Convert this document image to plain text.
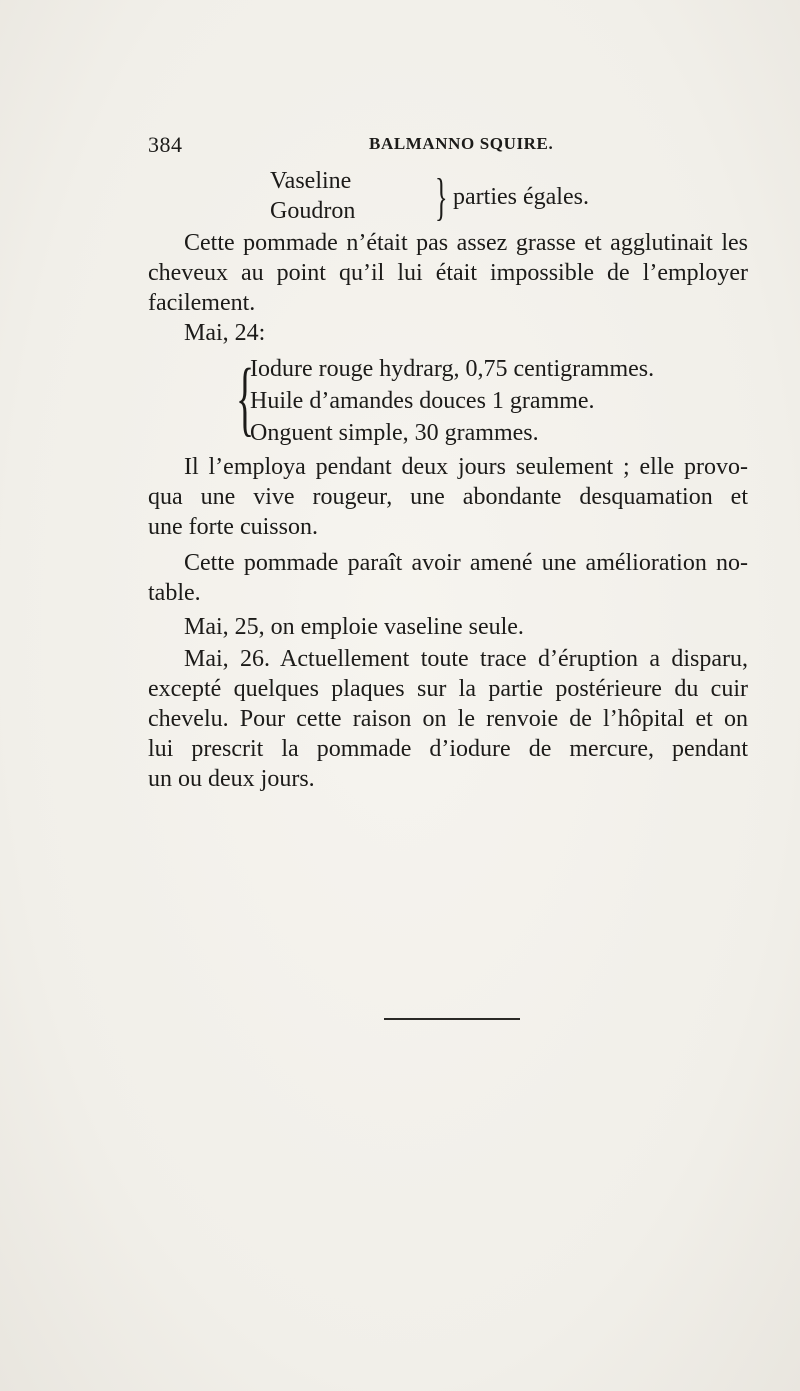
384	BALMANNO SQUIRE.
Vaseline
Goudron } parties égales.
Cette pommade n’était pas assez grasse et agglutinait les
cheveux au point qu’il lui était impossible de l’employer
facilement.
Mai, 24:
{
Iodure rouge hydrarg, 0,75 centigrammes.
Huile d’amandes douces 1 gramme.
Onguent simple, 30 grammes.
Il l’employa pendant deux jours seulement ; elle provo-
qua une vive rougeur, une abondante desquamation et
une forte cuisson.
Cette pommade paraît avoir amené une amélioration no-
table.
Mai, 25, on emploie vaseline seule.
Mai, 26. Actuellement toute trace d’éruption a disparu,
excepté quelques plaques sur la partie postérieure du cuir
chevelu. Pour cette raison on le renvoie de l’hôpital et on
lui prescrit la pommade d’iodure de mercure, pendant
un ou deux jours.
